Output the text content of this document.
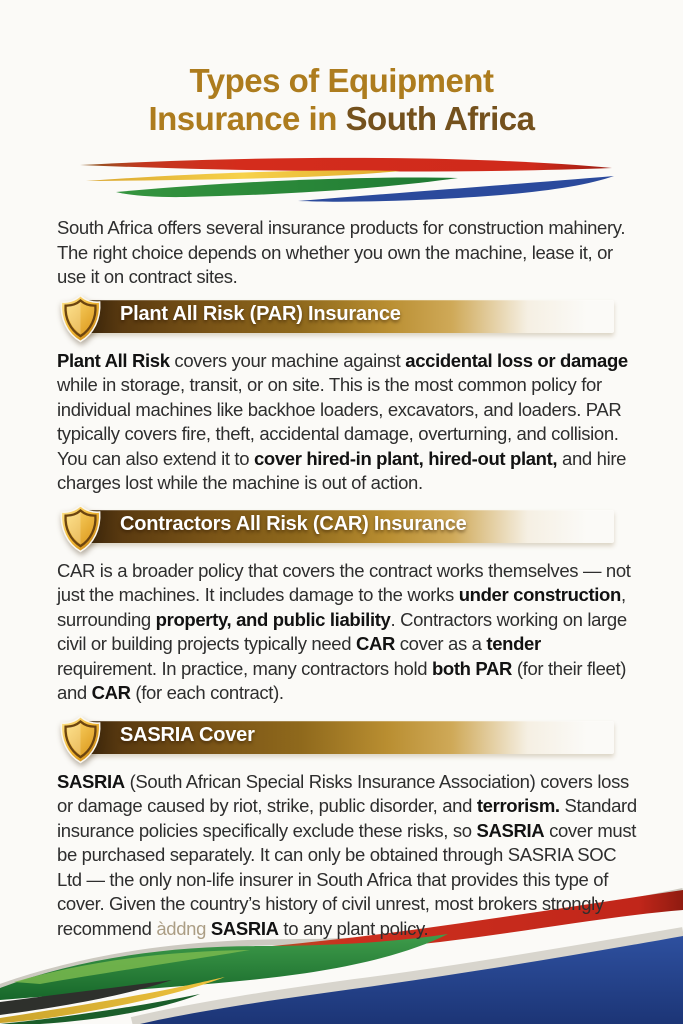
Types of Equipment
Insurance in South Africa

South Africa offers several insurance products for construction mahinery. The right choice depends on whether you own the machine, lease it, or use it on contract sites.

Plant All Risk (PAR) Insurance

Plant All Risk covers your machine against accidental loss or damage while in storage, transit, or on site. This is the most common policy for individual machines like backhoe loaders, excavators, and loaders. PAR typically covers fire, theft, accidental damage, overturning, and collision. You can also extend it to cover hired-in plant, hired-out plant, and hire charges lost while the machine is out of action.

Contractors All Risk (CAR) Insurance

CAR is a broader policy that covers the contract works themselves — not just the machines. It includes damage to the works under construction, surrounding property, and public liability. Contractors working on large civil or building projects typically need CAR cover as a tender requirement. In practice, many contractors hold both PAR (for their fleet) and CAR (for each contract).

SASRIA Cover

SASRIA (South African Special Risks Insurance Association) covers loss or damage caused by riot, strike, public disorder, and terrorism. Standard insurance policies specifically exclude these risks, so SASRIA cover must be purchased separately. It can only be obtained through SASRIA SOC Ltd — the only non-life insurer in South Africa that provides this type of cover. Given the country’s history of civil unrest, most brokers strongly recommend àddng SASRIA to any plant policy.
